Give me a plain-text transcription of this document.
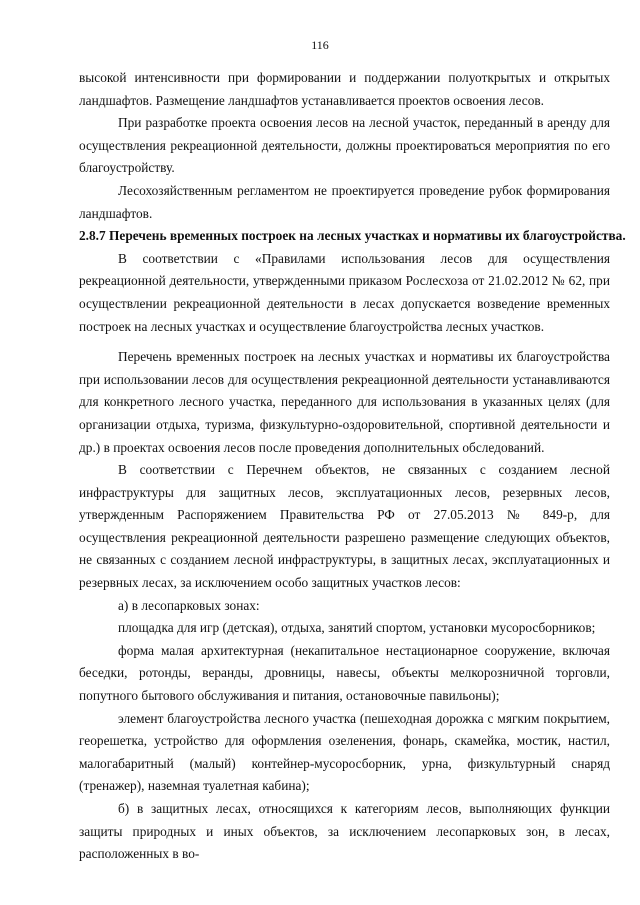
116

высокой интенсивности при формировании и поддержании полуоткрытых и открытых ландшафтов. Размещение ландшафтов устанавливается проектов освоения лесов.

При разработке проекта освоения лесов на лесной участок, переданный в аренду для осуществления рекреационной деятельности, должны проектироваться мероприятия по его благоустройству.

Лесохозяйственным регламентом не проектируется проведение рубок формирования ландшафтов.

2.8.7 Перечень временных построек на лесных участках и нормативы их благоустройства.

В соответствии с «Правилами использования лесов для осуществления рекреационной деятельности, утвержденными приказом Рослесхоза от 21.02.2012 № 62, при осуществлении рекреационной деятельности в лесах допускается возведение временных построек на лесных участках и осуществление благоустройства лесных участков.

Перечень временных построек на лесных участках и нормативы их благоустройства при использовании лесов для осуществления рекреационной деятельности устанавливаются для конкретного лесного участка, переданного для использования в указанных целях (для организации отдыха, туризма, физкультурно-оздоровительной, спортивной деятельности и др.) в проектах освоения лесов после проведения дополнительных обследований.

В соответствии с Перечнем объектов, не связанных с созданием лесной инфраструктуры для защитных лесов, эксплуатационных лесов, резервных лесов, утвержденным Распоряжением Правительства РФ от 27.05.2013 № 849-р, для осуществления рекреационной деятельности разрешено размещение следующих объектов, не связанных с созданием лесной инфраструктуры, в защитных лесах, эксплуатационных и резервных лесах, за исключением особо защитных участков лесов:

а) в лесопарковых зонах:

площадка для игр (детская), отдыха, занятий спортом, установки мусоросборников;

форма малая архитектурная (некапитальное нестационарное сооружение, включая беседки, ротонды, веранды, дровницы, навесы, объекты мелкорозничной торговли, попутного бытового обслуживания и питания, остановочные павильоны);

элемент благоустройства лесного участка (пешеходная дорожка с мягким покрытием, георешетка, устройство для оформления озеленения, фонарь, скамейка, мостик, настил, малогабаритный (малый) контейнер-мусоросборник, урна, физкультурный снаряд (тренажер), наземная туалетная кабина);

б) в защитных лесах, относящихся к категориям лесов, выполняющих функции защиты природных и иных объектов, за исключением лесопарковых зон, в лесах, расположенных в во-
